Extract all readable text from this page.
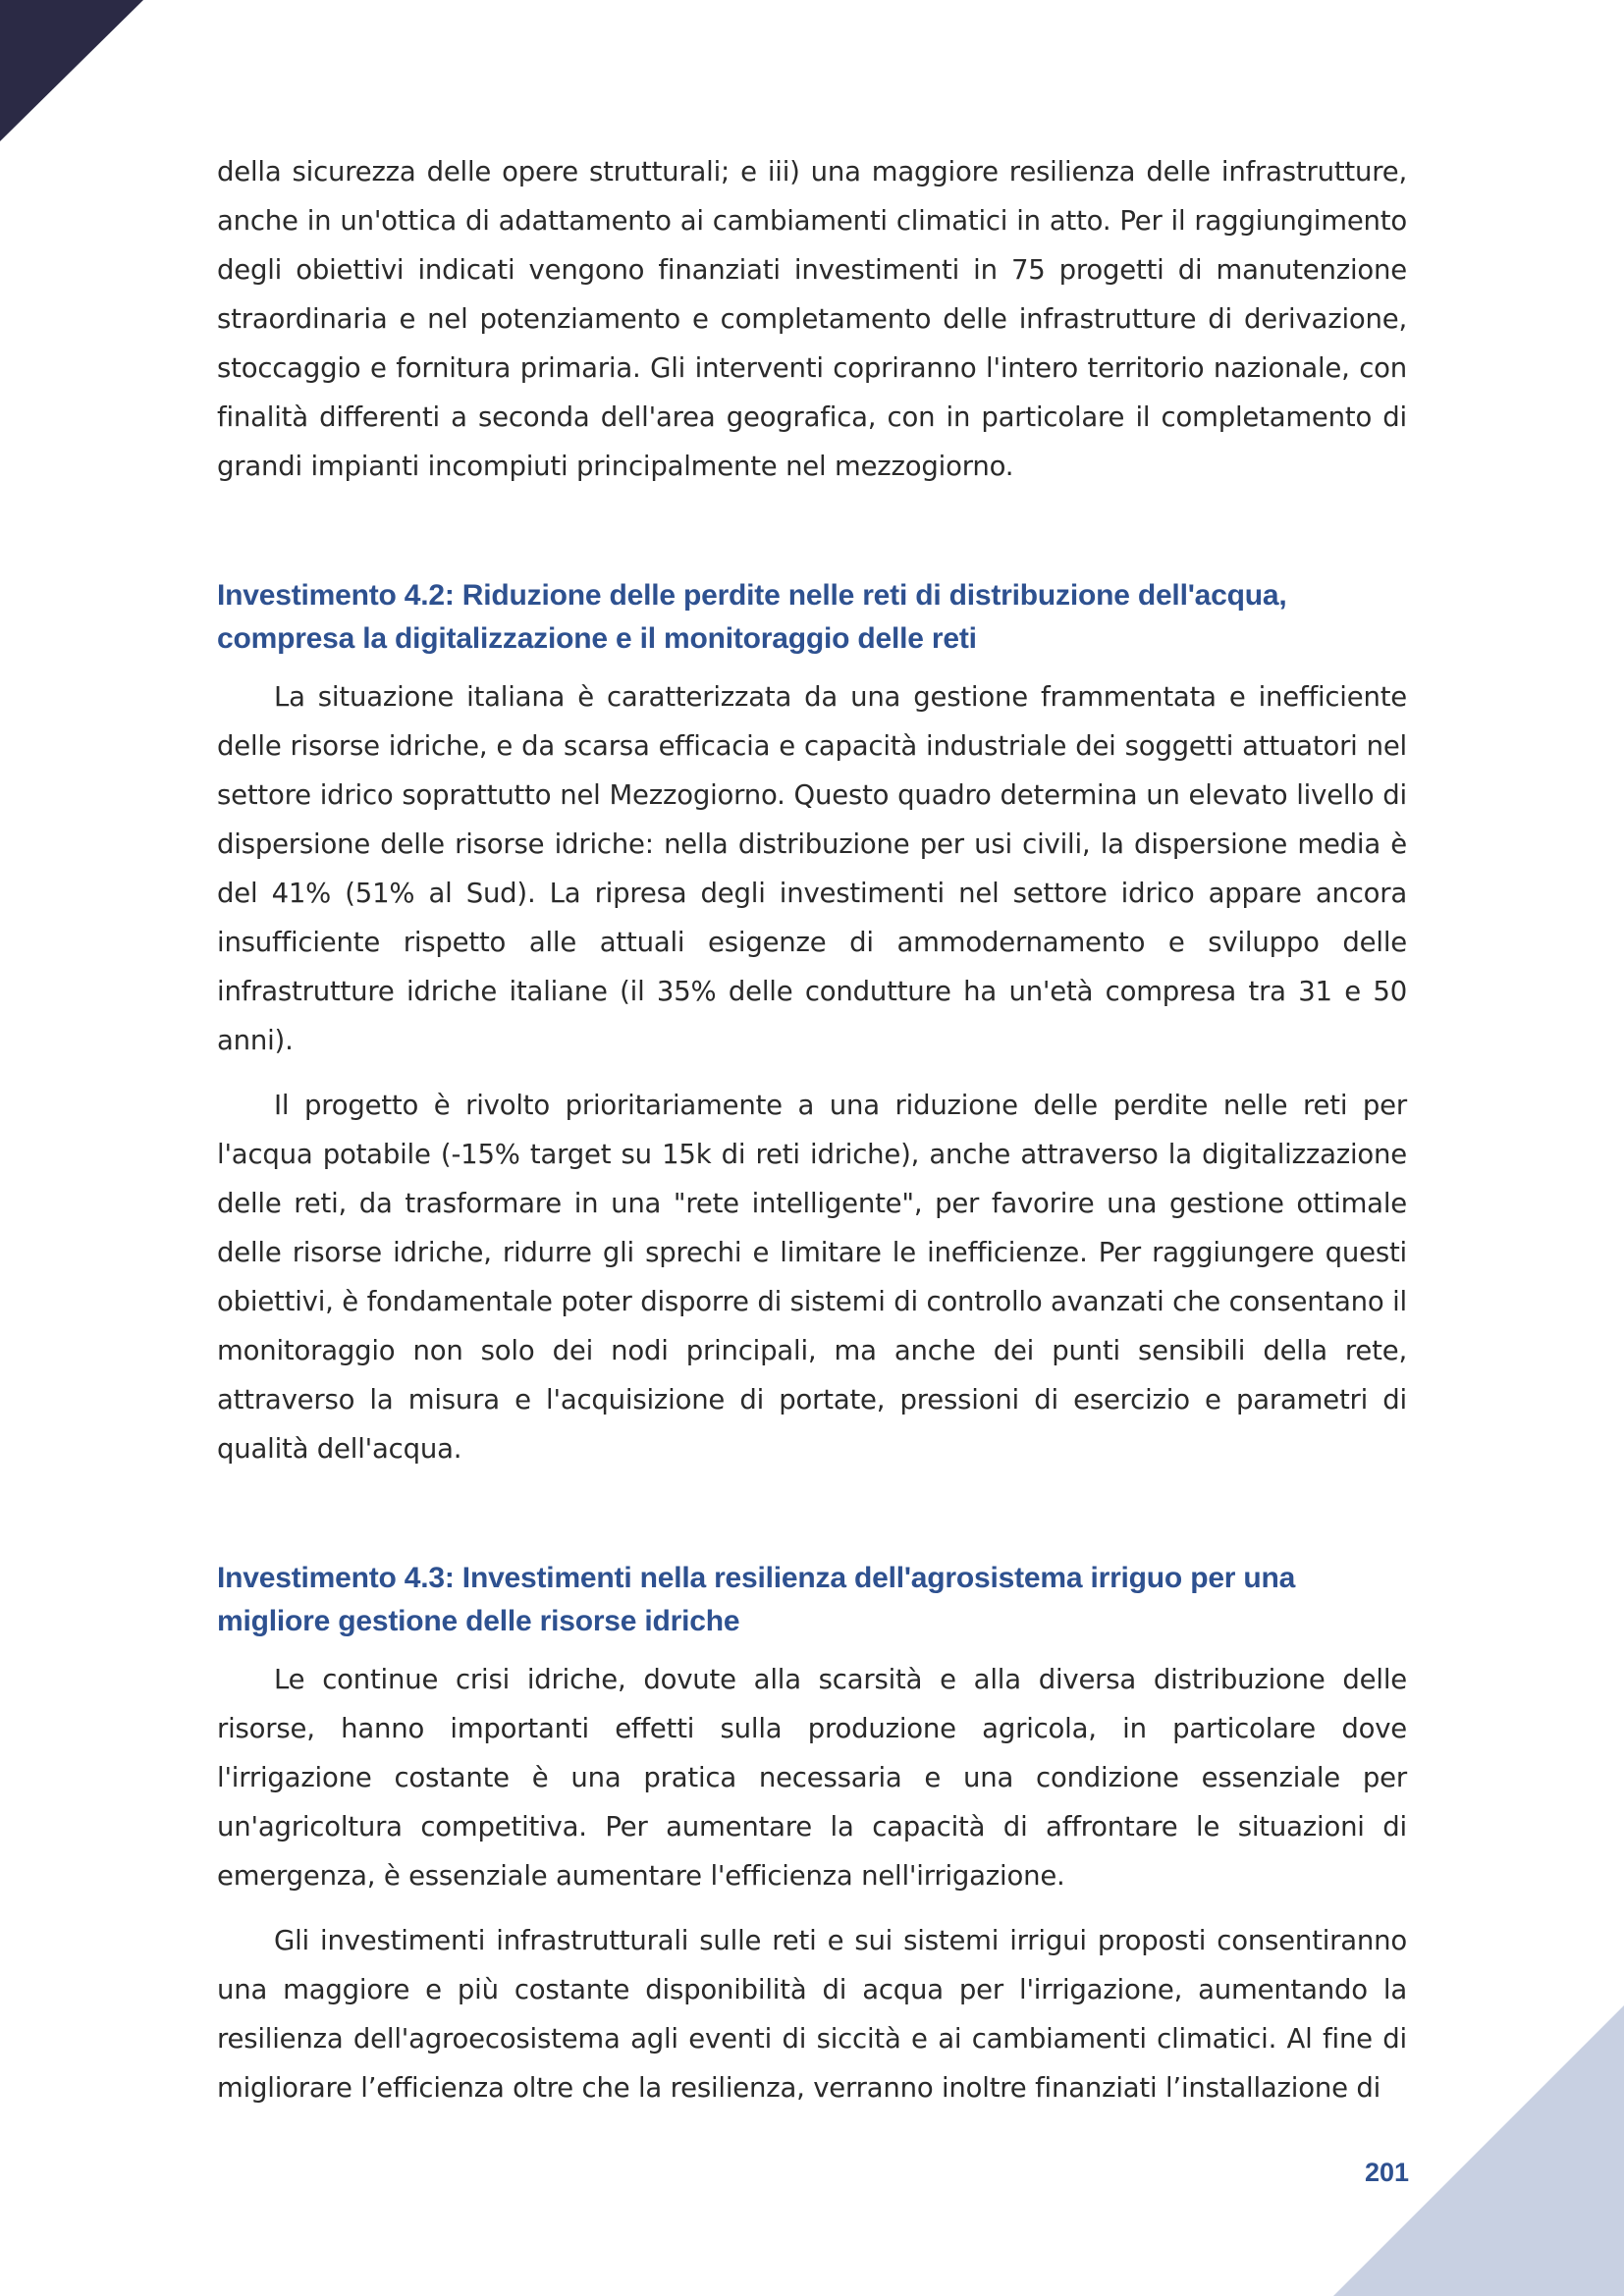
della sicurezza delle opere strutturali; e iii) una maggiore resilienza delle infrastrutture, anche in un'ottica di adattamento ai cambiamenti climatici in atto. Per il raggiungimento degli obiettivi indicati vengono finanziati investimenti in 75 progetti di manutenzione straordinaria e nel potenziamento e completamento delle infrastrutture di derivazione, stoccaggio e fornitura primaria. Gli interventi copriranno l'intero territorio nazionale, con finalità differenti a seconda dell'area geografica, con in particolare il completamento di grandi impianti incompiuti principalmente nel mezzogiorno.

Investimento 4.2: Riduzione delle perdite nelle reti di distribuzione dell'acqua, compresa la digitalizzazione e il monitoraggio delle reti

La situazione italiana è caratterizzata da una gestione frammentata e inefficiente delle risorse idriche, e da scarsa efficacia e capacità industriale dei soggetti attuatori nel settore idrico soprattutto nel Mezzogiorno. Questo quadro determina un elevato livello di dispersione delle risorse idriche: nella distribuzione per usi civili, la dispersione media è del 41% (51% al Sud). La ripresa degli investimenti nel settore idrico appare ancora insufficiente rispetto alle attuali esigenze di ammodernamento e sviluppo delle infrastrutture idriche italiane (il 35% delle condutture ha un'età compresa tra 31 e 50 anni).

Il progetto è rivolto prioritariamente a una riduzione delle perdite nelle reti per l'acqua potabile (-15% target su 15k di reti idriche), anche attraverso la digitalizzazione delle reti, da trasformare in una "rete intelligente", per favorire una gestione ottimale delle risorse idriche, ridurre gli sprechi e limitare le inefficienze. Per raggiungere questi obiettivi, è fondamentale poter disporre di sistemi di controllo avanzati che consentano il monitoraggio non solo dei nodi principali, ma anche dei punti sensibili della rete, attraverso la misura e l'acquisizione di portate, pressioni di esercizio e parametri di qualità dell'acqua.

Investimento 4.3: Investimenti nella resilienza dell'agrosistema irriguo per una migliore gestione delle risorse idriche

Le continue crisi idriche, dovute alla scarsità e alla diversa distribuzione delle risorse, hanno importanti effetti sulla produzione agricola, in particolare dove l'irrigazione costante è una pratica necessaria e una condizione essenziale per un'agricoltura competitiva. Per aumentare la capacità di affrontare le situazioni di emergenza, è essenziale aumentare l'efficienza nell'irrigazione.

Gli investimenti infrastrutturali sulle reti e sui sistemi irrigui proposti consentiranno una maggiore e più costante disponibilità di acqua per l'irrigazione, aumentando la resilienza dell'agroecosistema agli eventi di siccità e ai cambiamenti climatici. Al fine di migliorare l’efficienza oltre che la resilienza, verranno inoltre finanziati l’installazione di

201
